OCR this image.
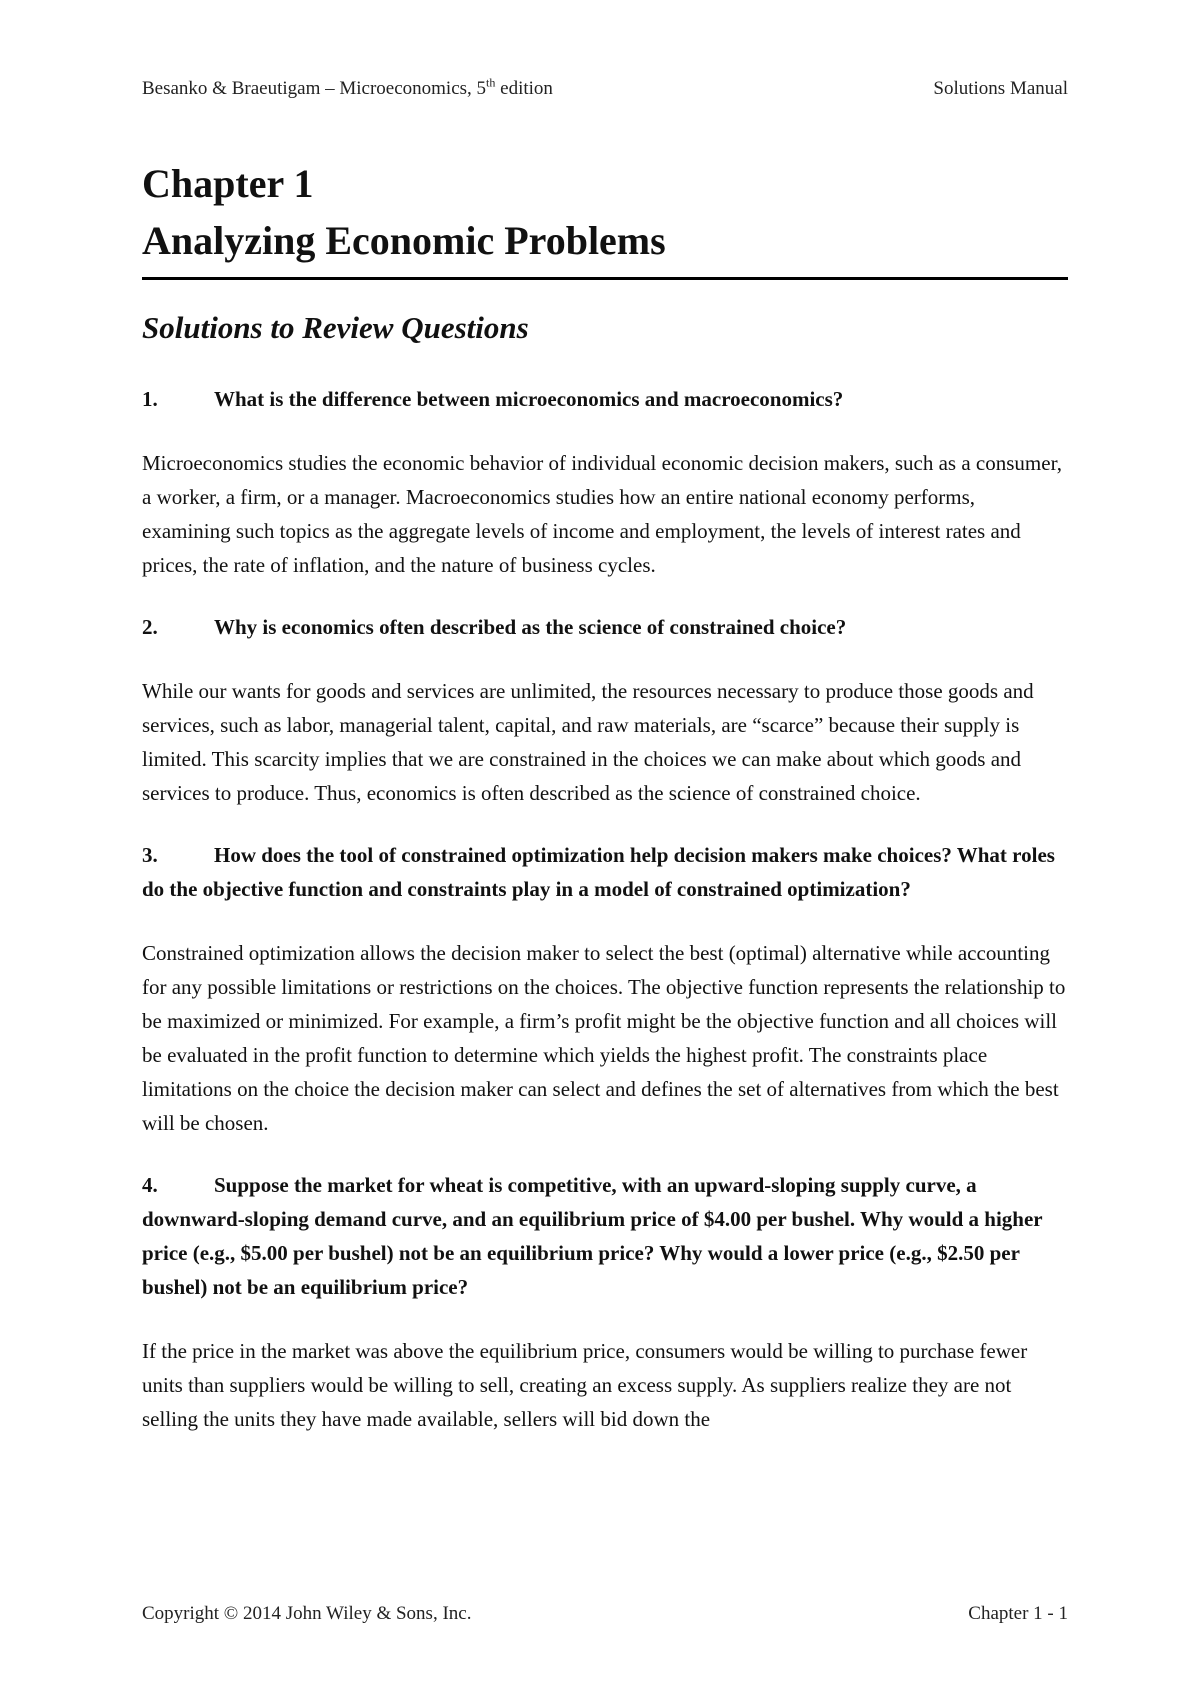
Besanko & Braeutigam – Microeconomics, 5th edition	Solutions Manual
Chapter 1
Analyzing Economic Problems
Solutions to Review Questions

1.	What is the difference between microeconomics and macroeconomics?

Microeconomics studies the economic behavior of individual economic decision makers, such as a consumer, a worker, a firm, or a manager. Macroeconomics studies how an entire national economy performs, examining such topics as the aggregate levels of income and employment, the levels of interest rates and prices, the rate of inflation, and the nature of business cycles.

2.	Why is economics often described as the science of constrained choice?

While our wants for goods and services are unlimited, the resources necessary to produce those goods and services, such as labor, managerial talent, capital, and raw materials, are “scarce” because their supply is limited. This scarcity implies that we are constrained in the choices we can make about which goods and services to produce. Thus, economics is often described as the science of constrained choice.

3.	How does the tool of constrained optimization help decision makers make choices? What roles do the objective function and constraints play in a model of constrained optimization?

Constrained optimization allows the decision maker to select the best (optimal) alternative while accounting for any possible limitations or restrictions on the choices. The objective function represents the relationship to be maximized or minimized. For example, a firm’s profit might be the objective function and all choices will be evaluated in the profit function to determine which yields the highest profit. The constraints place limitations on the choice the decision maker can select and defines the set of alternatives from which the best will be chosen.

4.	Suppose the market for wheat is competitive, with an upward-sloping supply curve, a downward-sloping demand curve, and an equilibrium price of $4.00 per bushel. Why would a higher price (e.g., $5.00 per bushel) not be an equilibrium price? Why would a lower price (e.g., $2.50 per bushel) not be an equilibrium price?

If the price in the market was above the equilibrium price, consumers would be willing to purchase fewer units than suppliers would be willing to sell, creating an excess supply. As suppliers realize they are not selling the units they have made available, sellers will bid down the

Copyright © 2014 John Wiley & Sons, Inc.	Chapter 1 - 1
